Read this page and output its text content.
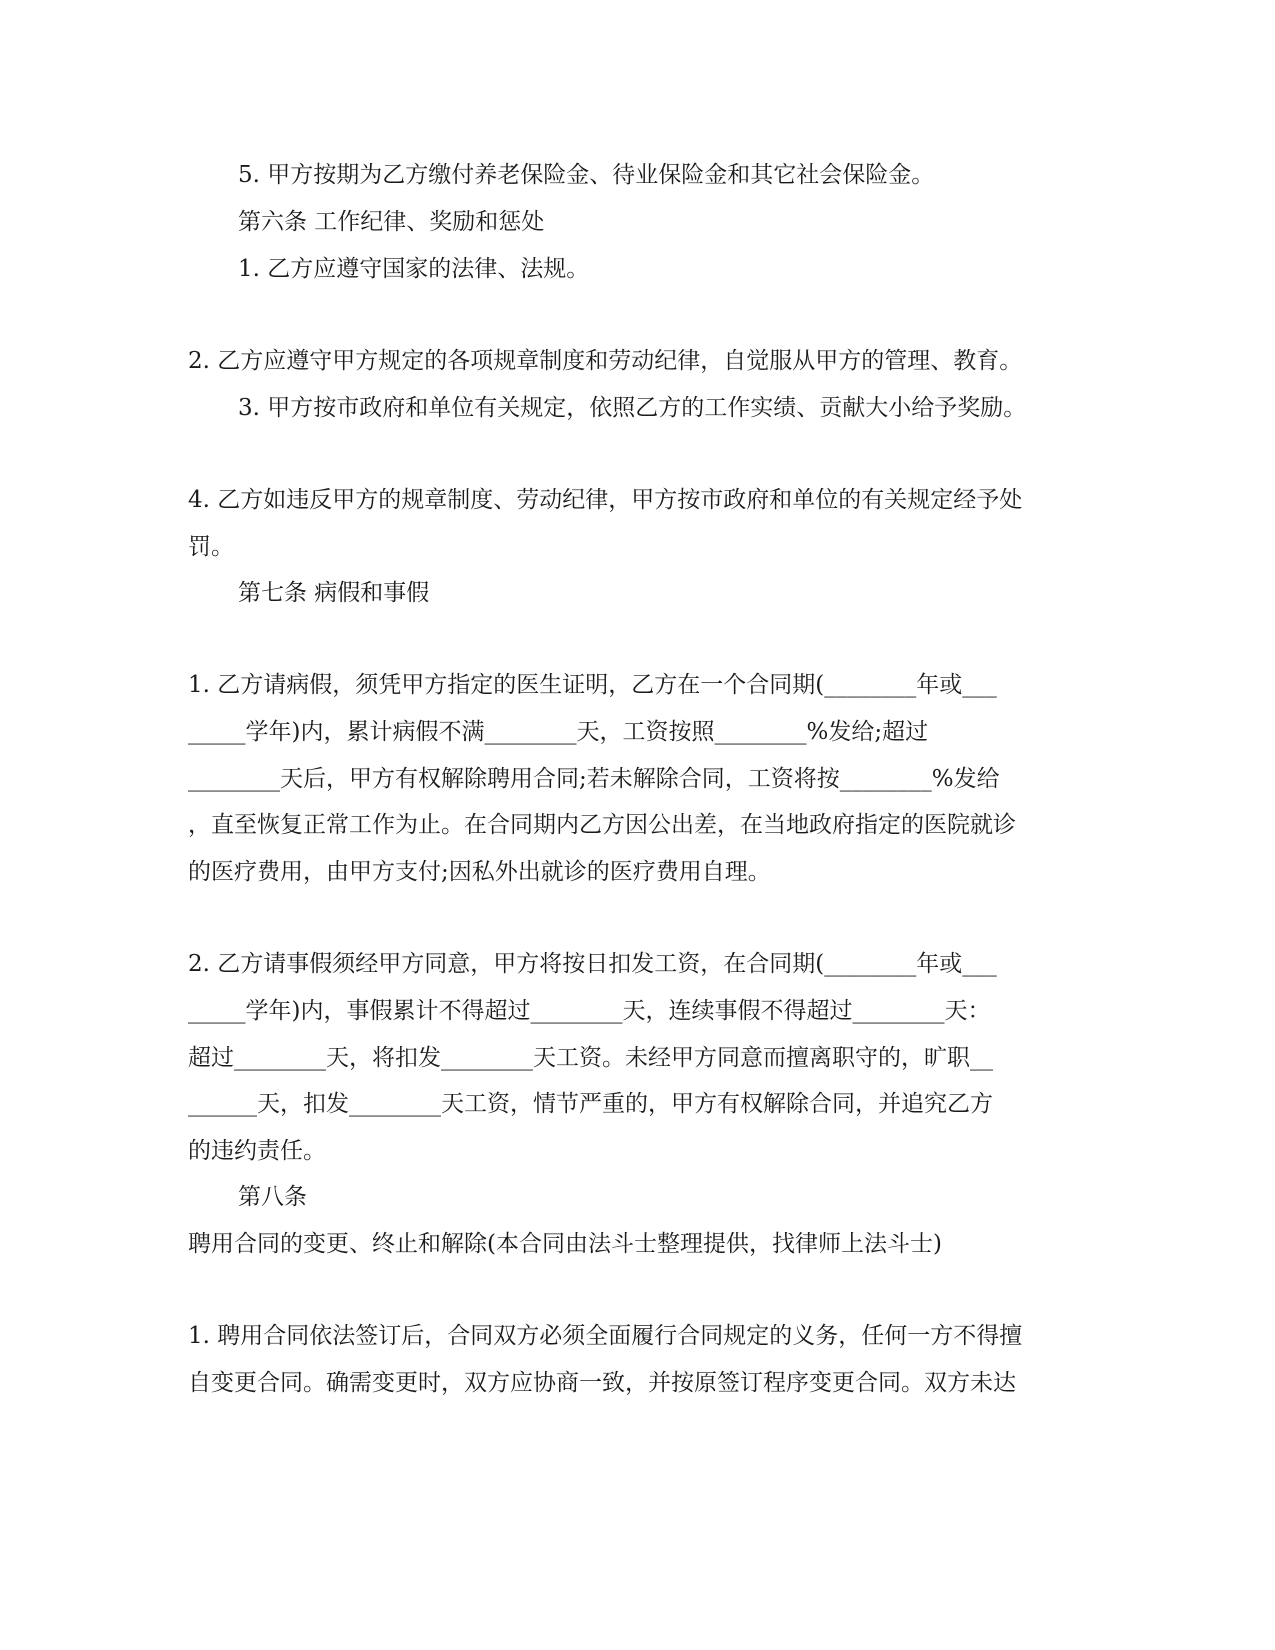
5. 甲方按期为乙方缴付养老保险金、待业保险金和其它社会保险金。
第六条 工作纪律、奖励和惩处
1. 乙方应遵守国家的法律、法规。
2. 乙方应遵守甲方规定的各项规章制度和劳动纪律，自觉服从甲方的管理、教育。
3. 甲方按市政府和单位有关规定，依照乙方的工作实绩、贡献大小给予奖励。
4. 乙方如违反甲方的规章制度、劳动纪律，甲方按市政府和单位的有关规定经予处
罚。
第七条 病假和事假
1. 乙方请病假，须凭甲方指定的医生证明，乙方在一个合同期(________年或___
_____学年)内，累计病假不满________天，工资按照________%发给;超过
________天后，甲方有权解除聘用合同;若未解除合同，工资将按________%发给
，直至恢复正常工作为止。在合同期内乙方因公出差，在当地政府指定的医院就诊
的医疗费用，由甲方支付;因私外出就诊的医疗费用自理。
2. 乙方请事假须经甲方同意，甲方将按日扣发工资，在合同期(________年或___
_____学年)内，事假累计不得超过________天，连续事假不得超过________天：
超过________天，将扣发________天工资。未经甲方同意而擅离职守的，旷职__
______天，扣发________天工资，情节严重的，甲方有权解除合同，并追究乙方
的违约责任。
第八条
聘用合同的变更、终止和解除(本合同由法斗士整理提供，找律师上法斗士)
1. 聘用合同依法签订后，合同双方必须全面履行合同规定的义务，任何一方不得擅
自变更合同。确需变更时，双方应协商一致，并按原签订程序变更合同。双方未达
